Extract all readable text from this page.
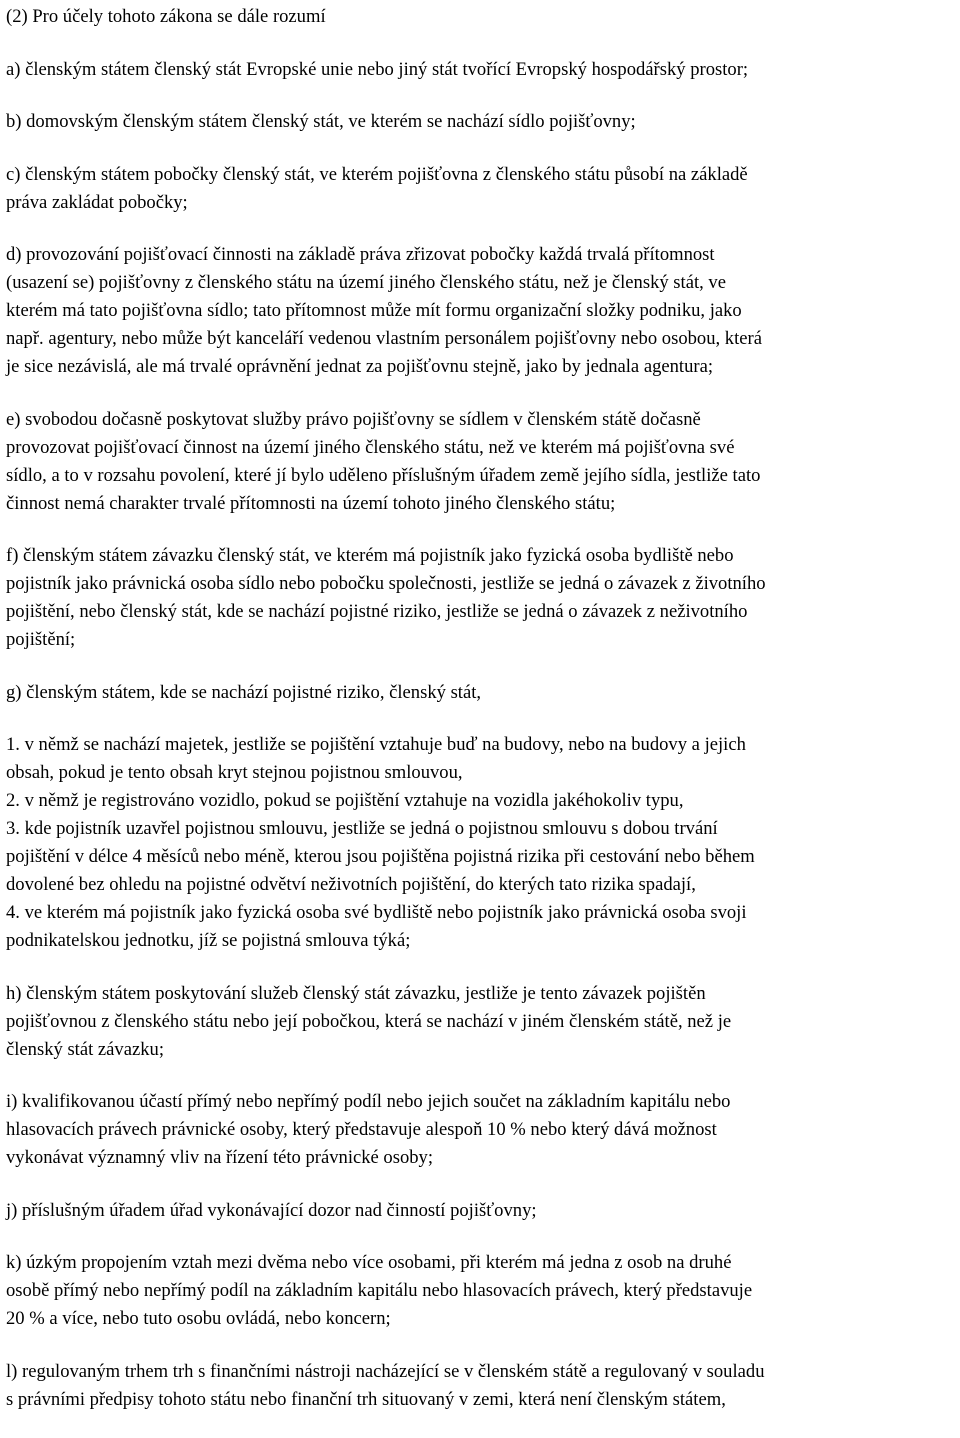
(2) Pro účely tohoto zákona se dále rozumí

a) členským státem členský stát Evropské unie nebo jiný stát tvořící Evropský hospodářský prostor;

b) domovským členským státem členský stát, ve kterém se nachází sídlo pojišťovny;

c) členským státem pobočky členský stát, ve kterém pojišťovna z členského státu působí na základě
práva zakládat pobočky;

d) provozování pojišťovací činnosti na základě práva zřizovat pobočky každá trvalá přítomnost
(usazení se) pojišťovny z členského státu na území jiného členského státu, než je členský stát, ve
kterém má tato pojišťovna sídlo; tato přítomnost může mít formu organizační složky podniku, jako
např. agentury, nebo může být kanceláří vedenou vlastním personálem pojišťovny nebo osobou, která
je sice nezávislá, ale má trvalé oprávnění jednat za pojišťovnu stejně, jako by jednala agentura;

e) svobodou dočasně poskytovat služby právo pojišťovny se sídlem v členském státě dočasně
provozovat pojišťovací činnost na území jiného členského státu, než ve kterém má pojišťovna své
sídlo, a to v rozsahu povolení, které jí bylo uděleno příslušným úřadem země jejího sídla, jestliže tato
činnost nemá charakter trvalé přítomnosti na území tohoto jiného členského státu;

f) členským státem závazku členský stát, ve kterém má pojistník jako fyzická osoba bydliště nebo
pojistník jako právnická osoba sídlo nebo pobočku společnosti, jestliže se jedná o závazek z životního
pojištění, nebo členský stát, kde se nachází pojistné riziko, jestliže se jedná o závazek z neživotního
pojištění;

g) členským státem, kde se nachází pojistné riziko, členský stát,

1. v němž se nachází majetek, jestliže se pojištění vztahuje buď na budovy, nebo na budovy a jejich
obsah, pokud je tento obsah kryt stejnou pojistnou smlouvou,
2. v němž je registrováno vozidlo, pokud se pojištění vztahuje na vozidla jakéhokoliv typu,
3. kde pojistník uzavřel pojistnou smlouvu, jestliže se jedná o pojistnou smlouvu s dobou trvání
pojištění v délce 4 měsíců nebo méně, kterou jsou pojištěna pojistná rizika při cestování nebo během
dovolené bez ohledu na pojistné odvětví neživotních pojištění, do kterých tato rizika spadají,
4. ve kterém má pojistník jako fyzická osoba své bydliště nebo pojistník jako právnická osoba svoji
podnikatelskou jednotku, jíž se pojistná smlouva týká;

h) členským státem poskytování služeb členský stát závazku, jestliže je tento závazek pojištěn
pojišťovnou z členského státu nebo její pobočkou, která se nachází v jiném členském státě, než je
členský stát závazku;

i) kvalifikovanou účastí přímý nebo nepřímý podíl nebo jejich součet na základním kapitálu nebo
hlasovacích právech právnické osoby, který představuje alespoň 10 % nebo který dává možnost
vykonávat významný vliv na řízení této právnické osoby;

j) příslušným úřadem úřad vykonávající dozor nad činností pojišťovny;

k) úzkým propojením vztah mezi dvěma nebo více osobami, při kterém má jedna z osob na druhé
osobě přímý nebo nepřímý podíl na základním kapitálu nebo hlasovacích právech, který představuje
20 % a více, nebo tuto osobu ovládá, nebo koncern;

l) regulovaným trhem trh s finančními nástroji nacházející se v členském státě a regulovaný v souladu
s právními předpisy tohoto státu nebo finanční trh situovaný v zemi, která není členským státem,
